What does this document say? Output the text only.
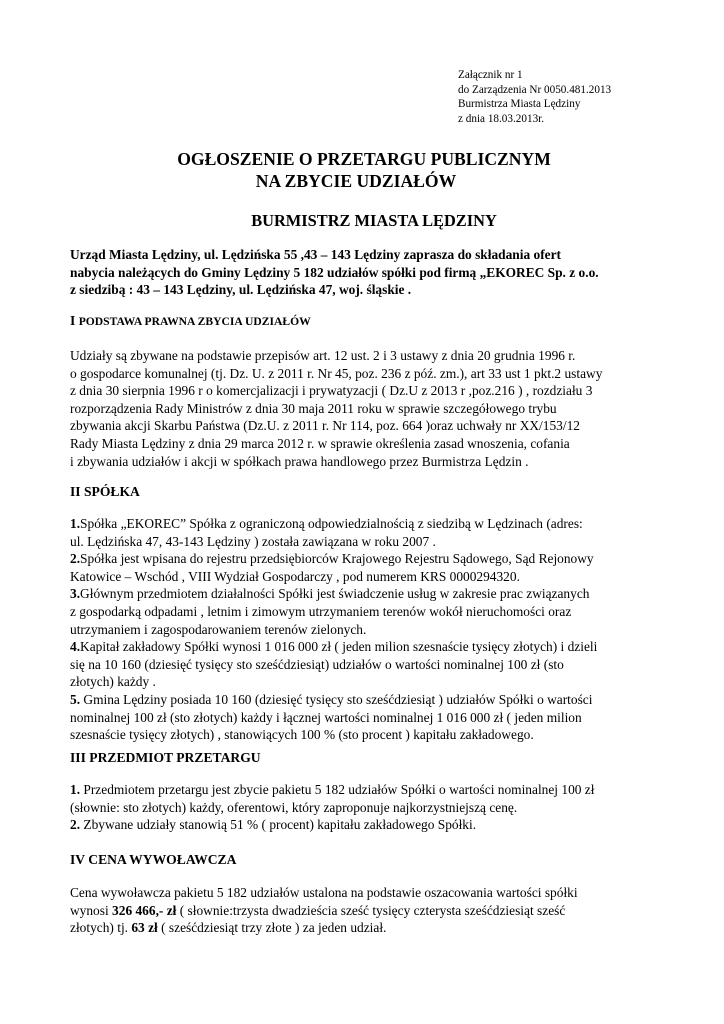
Załącznik nr 1
do Zarządzenia Nr 0050.481.2013
Burmistrza Miasta Lędziny
z dnia 18.03.2013r.
OGŁOSZENIE O PRZETARGU PUBLICZNYM
NA ZBYCIE UDZIAŁÓW
BURMISTRZ MIASTA LĘDZINY
Urząd Miasta Lędziny, ul. Lędzińska 55 ,43 – 143 Lędziny zaprasza do składania ofert
nabycia należących do Gminy Lędziny 5 182 udziałów spółki pod firmą „EKOREC Sp. z o.o.
z siedzibą : 43 – 143 Lędziny, ul. Lędzińska 47, woj. śląskie .
I PODSTAWA PRAWNA ZBYCIA UDZIAŁÓW
Udziały są zbywane na podstawie przepisów art. 12 ust. 2 i 3 ustawy z dnia 20 grudnia 1996 r.
o gospodarce komunalnej (tj. Dz. U. z 2011 r. Nr 45, poz. 236 z póź. zm.), art 33 ust 1 pkt.2 ustawy
z dnia 30 sierpnia 1996 r o komercjalizacji i prywatyzacji ( Dz.U z 2013 r ,poz.216 ) , rozdziału 3
rozporządzenia Rady Ministrów z dnia 30 maja 2011 roku w sprawie szczegółowego trybu
zbywania akcji Skarbu Państwa (Dz.U. z 2011 r. Nr 114, poz. 664 )oraz uchwały nr XX/153/12
Rady Miasta Lędziny z dnia 29 marca 2012 r. w sprawie określenia zasad wnoszenia, cofania
i zbywania udziałów i akcji w spółkach prawa handlowego przez Burmistrza Lędzin .
II SPÓŁKA
1.Spółka „EKOREC” Spółka z ograniczoną odpowiedzialnością z siedzibą w Lędzinach (adres:
ul. Lędzińska 47, 43-143 Lędziny ) została zawiązana w roku 2007 .
2.Spółka jest wpisana do rejestru przedsiębiorców Krajowego Rejestru Sądowego, Sąd Rejonowy
Katowice – Wschód , VIII Wydział Gospodarczy , pod numerem KRS 0000294320.
3.Głównym przedmiotem działalności Spółki jest świadczenie usług w zakresie prac związanych
z gospodarką odpadami , letnim i zimowym utrzymaniem terenów wokół nieruchomości oraz
utrzymaniem i zagospodarowaniem terenów zielonych.
4.Kapitał zakładowy Spółki wynosi 1 016 000 zł ( jeden milion szesnaście tysięcy złotych) i dzieli
się na 10 160 (dziesięć tysięcy sto sześćdziesiąt) udziałów o wartości nominalnej 100 zł (sto
złotych) każdy .
5. Gmina Lędziny posiada 10 160 (dziesięć tysięcy sto sześćdziesiąt ) udziałów Spółki o wartości
nominalnej 100 zł (sto złotych) każdy i łącznej wartości nominalnej 1 016 000 zł ( jeden milion
szesnaście tysięcy złotych) , stanowiących 100 % (sto procent ) kapitału zakładowego.
III PRZEDMIOT PRZETARGU
1. Przedmiotem przetargu jest zbycie pakietu 5 182 udziałów Spółki o wartości nominalnej 100 zł
(słownie: sto złotych) każdy, oferentowi, który zaproponuje najkorzystniejszą cenę.
2. Zbywane udziały stanowią 51 % ( procent) kapitału zakładowego Spółki.
IV CENA WYWOŁAWCZA
Cena wywoławcza pakietu 5 182 udziałów ustalona na podstawie oszacowania wartości spółki
wynosi 326 466,- zł ( słownie:trzysta dwadzieścia sześć tysięcy czterysta sześćdziesiąt sześć
złotych) tj. 63 zł ( sześćdziesiąt trzy złote ) za jeden udział.
